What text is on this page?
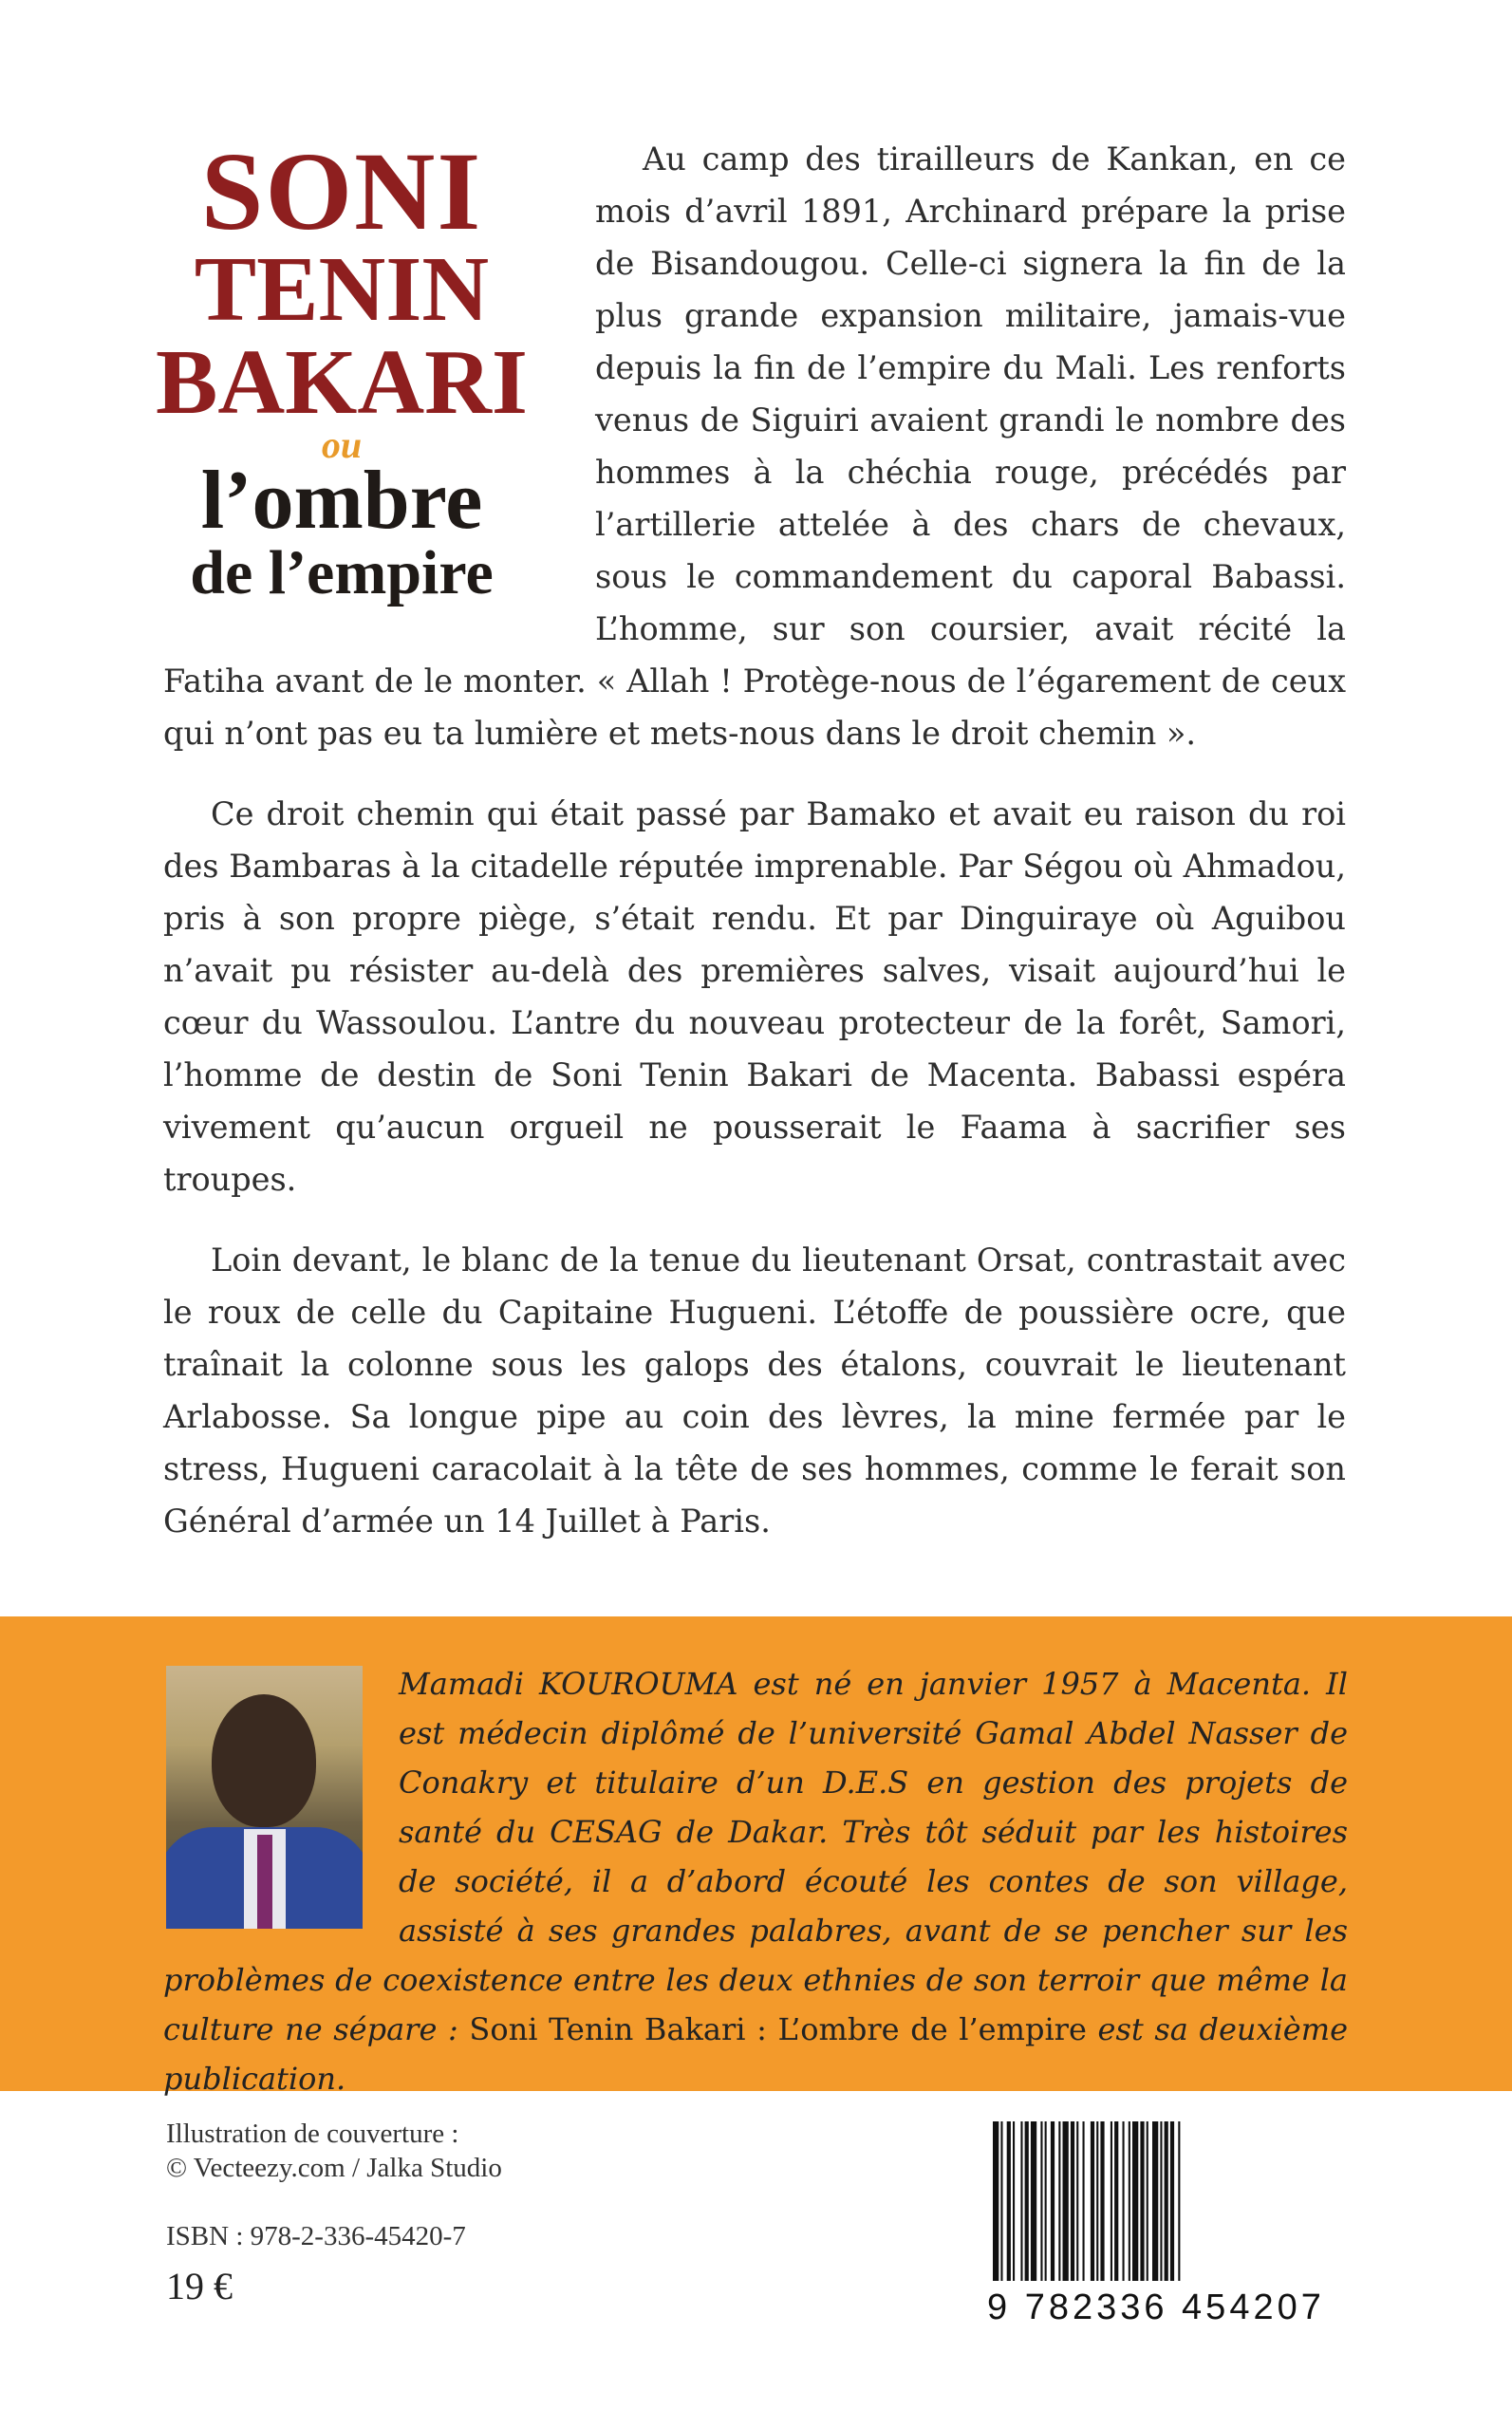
SONI
TENIN
BAKARI
ou
l’ombre
de l’empire

Au camp des tirailleurs de Kankan, en ce mois d’avril 1891, Archinard prépare la prise de Bisandougou. Celle-ci signera la fin de la plus grande expansion militaire, jamais-vue depuis la fin de l’empire du Mali. Les renforts venus de Siguiri avaient grandi le nombre des hommes à la chéchia rouge, précédés par l’artillerie attelée à des chars de chevaux, sous le commandement du caporal Babassi. L’homme, sur son coursier, avait récité la Fatiha avant de le monter. « Allah ! Protège-nous de l’égarement de ceux qui n’ont pas eu ta lumière et mets-nous dans le droit chemin ».

Ce droit chemin qui était passé par Bamako et avait eu raison du roi des Bambaras à la citadelle réputée imprenable. Par Ségou où Ahmadou, pris à son propre piège, s’était rendu. Et par Dinguiraye où Aguibou n’avait pu résister au-delà des premières salves, visait aujourd’hui le cœur du Wassoulou. L’antre du nouveau protecteur de la forêt, Samori, l’homme de destin de Soni Tenin Bakari de Macenta. Babassi espéra vivement qu’aucun orgueil ne pousserait le Faama à sacrifier ses troupes.

Loin devant, le blanc de la tenue du lieutenant Orsat, contrastait avec le roux de celle du Capitaine Hugueni. L’étoffe de poussière ocre, que traînait la colonne sous les galops des étalons, couvrait le lieutenant Arlabosse. Sa longue pipe au coin des lèvres, la mine fermée par le stress, Hugueni caracolait à la tête de ses hommes, comme le ferait son Général d’armée un 14 Juillet à Paris.

Mamadi KOUROUMA est né en janvier 1957 à Macenta. Il est médecin diplômé de l’université Gamal Abdel Nasser de Conakry et titulaire d’un D.E.S en gestion des projets de santé du CESAG de Dakar. Très tôt séduit par les histoires de société, il a d’abord écouté les contes de son village, assisté à ses grandes palabres, avant de se pencher sur les problèmes de coexistence entre les deux ethnies de son terroir que même la culture ne sépare : Soni Tenin Bakari : L’ombre de l’empire est sa deuxième publication.
Illustration de couverture :
© Vecteezy.com / Jalka Studio
ISBN : 978-2-336-45420-7
19 €	9 782336 454207
